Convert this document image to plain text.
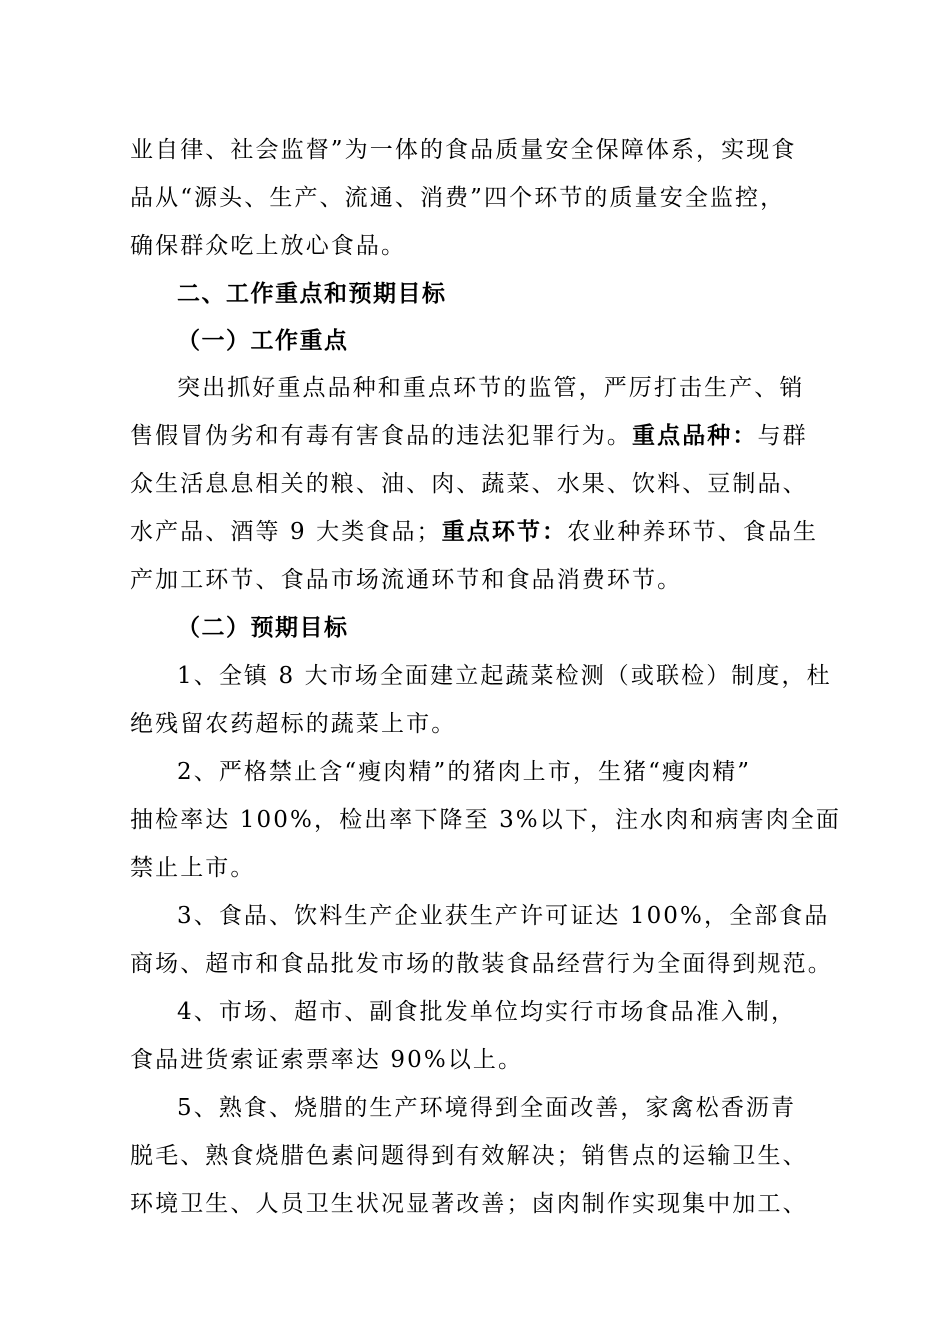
业自律、社会监督”为一体的食品质量安全保障体系，实现食
品从“源头、生产、流通、消费”四个环节的质量安全监控，
确保群众吃上放心食品。
二、工作重点和预期目标
（一）工作重点
突出抓好重点品种和重点环节的监管，严厉打击生产、销
售假冒伪劣和有毒有害食品的违法犯罪行为。重点品种：与群
众生活息息相关的粮、油、肉、蔬菜、水果、饮料、豆制品、
水产品、酒等 9 大类食品；重点环节：农业种养环节、食品生
产加工环节、食品市场流通环节和食品消费环节。
（二）预期目标
1、全镇 8 大市场全面建立起蔬菜检测（或联检）制度，杜
绝残留农药超标的蔬菜上市。
2、严格禁止含“瘦肉精”的猪肉上市，生猪“瘦肉精”
抽检率达 100%，检出率下降至 3%以下，注水肉和病害肉全面
禁止上市。
3、食品、饮料生产企业获生产许可证达 100%，全部食品
商场、超市和食品批发市场的散装食品经营行为全面得到规范。
4、市场、超市、副食批发单位均实行市场食品准入制，
食品进货索证索票率达 90%以上。
5、熟食、烧腊的生产环境得到全面改善，家禽松香沥青
脱毛、熟食烧腊色素问题得到有效解决；销售点的运输卫生、
环境卫生、人员卫生状况显著改善；卤肉制作实现集中加工、
